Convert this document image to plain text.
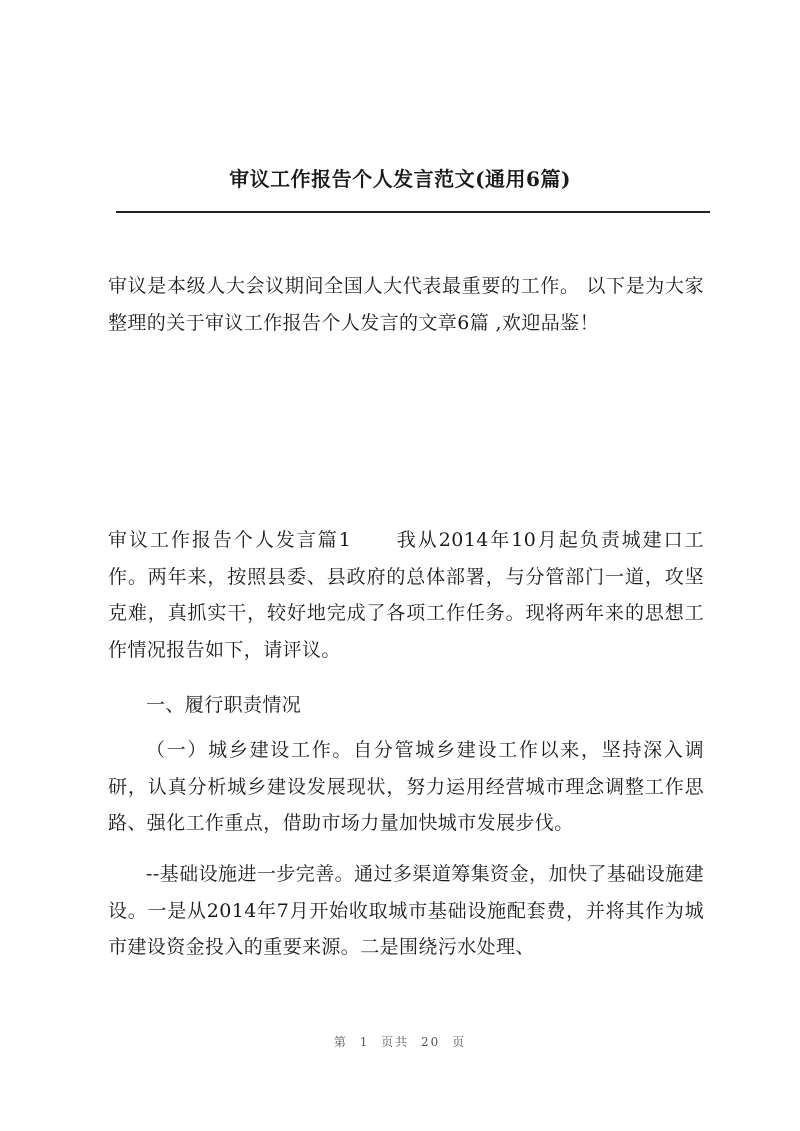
审议工作报告个人发言范文(通用6篇)

审议是本级人大会议期间全国人大代表最重要的工作。 以下是为大家整理的关于审议工作报告个人发言的文章6篇 ,欢迎品鉴！

审议工作报告个人发言篇1 我从2014年10月起负责城建口工作。两年来，按照县委、县政府的总体部署，与分管部门一道，攻坚克难，真抓实干，较好地完成了各项工作任务。现将两年来的思想工作情况报告如下，请评议。

一、履行职责情况

（一）城乡建设工作。自分管城乡建设工作以来，坚持深入调研，认真分析城乡建设发展现状，努力运用经营城市理念调整工作思路、强化工作重点，借助市场力量加快城市发展步伐。

--基础设施进一步完善。通过多渠道筹集资金，加快了基础设施建设。一是从2014年7月开始收取城市基础设施配套费，并将其作为城市建设资金投入的重要来源。二是围绕污水处理、

第 1 页共 20 页
